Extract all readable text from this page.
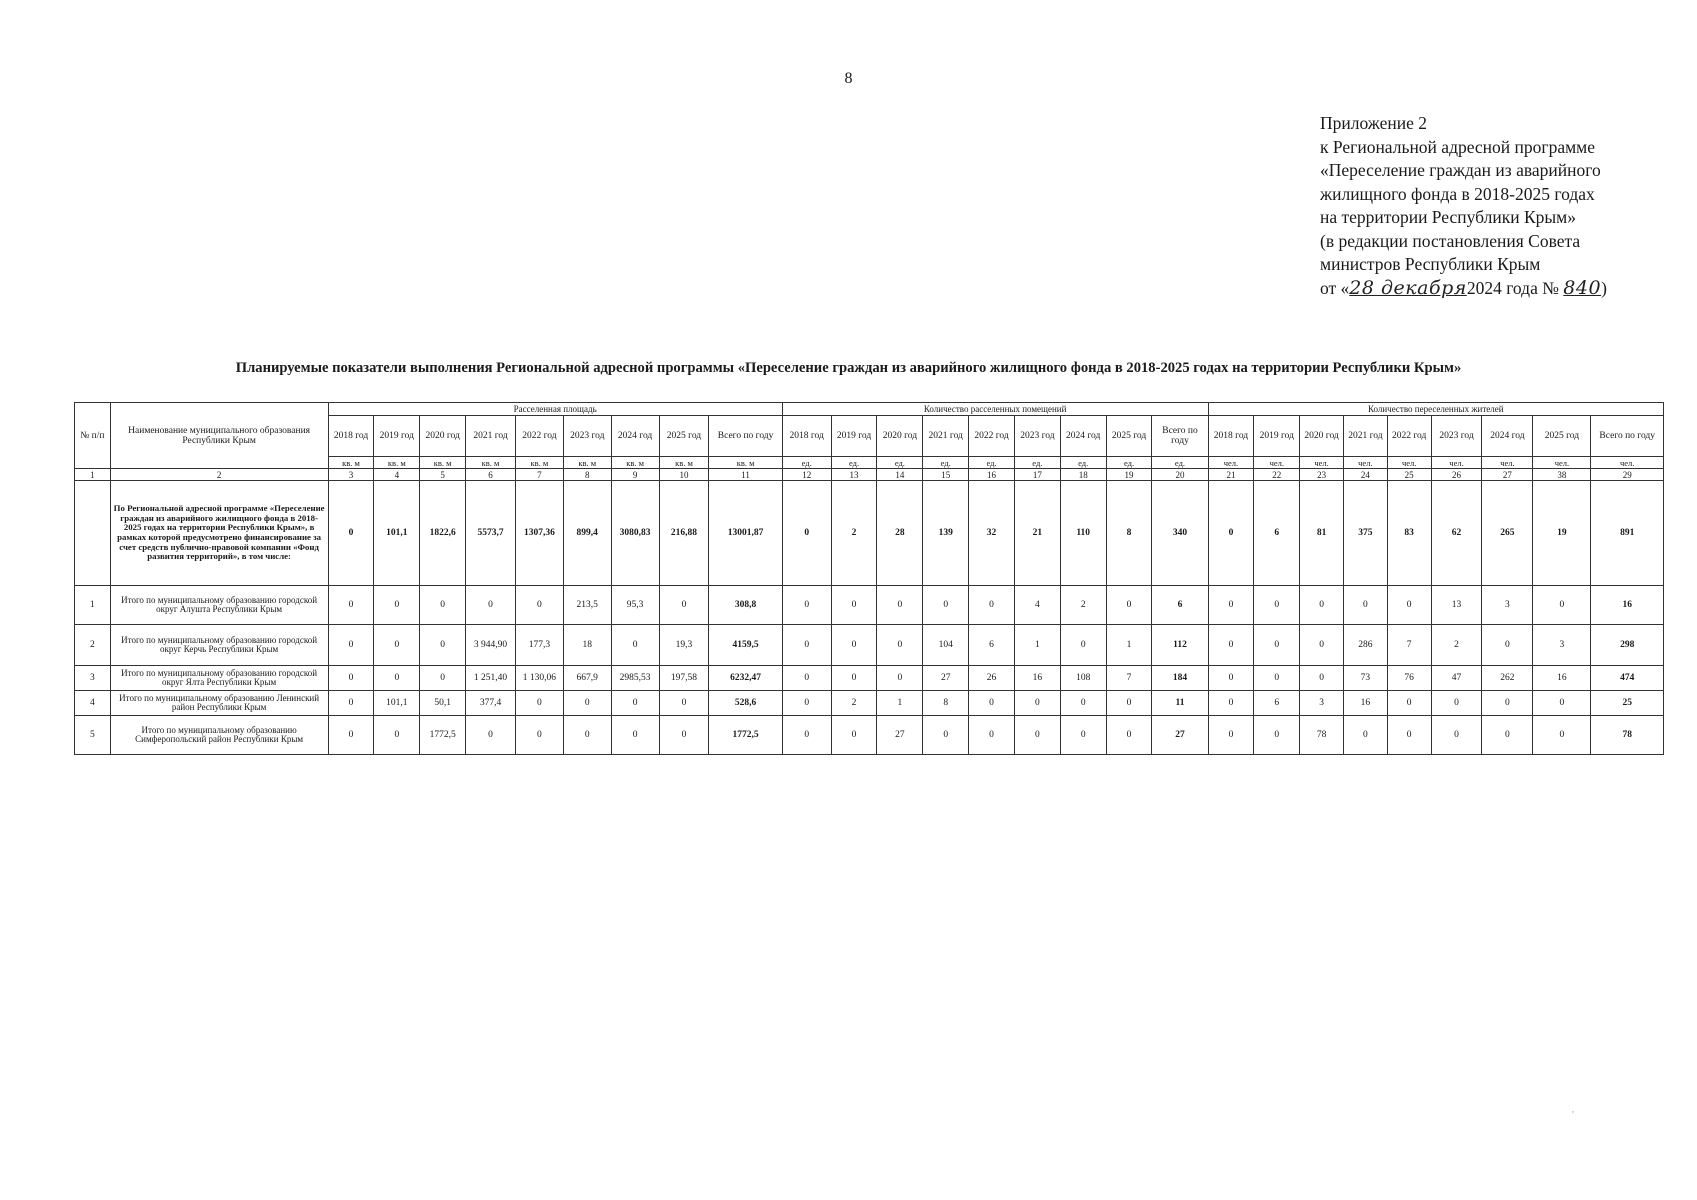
8
Приложение 2
к Региональной адресной программе
«Переселение граждан из аварийного
жилищного фонда в 2018-2025 годах
на территории Республики Крым»
(в редакции постановления Совета
министров Республики Крым
от «28 декабря2024 года № 840)
Планируемые показатели выполнения Региональной адресной программы «Переселение граждан из аварийного жилищного фонда в 2018-2025 годах на территории Республики Крым»
№ п/п	Наименование муниципального образования Республики Крым	Расселенная площадь									Количество расселенных помещений									Количество переселенных жителей								
		2018 год	2019 год	2020 год	2021 год	2022 год	2023 год	2024 год	2025 год	Всего по году	2018 год	2019 год	2020 год	2021 год	2022 год	2023 год	2024 год	2025 год	Всего по году	2018 год	2019 год	2020 год	2021 год	2022 год	2023 год	2024 год	2025 год	Всего по году
		кв. м	кв. м	кв. м	кв. м	кв. м	кв. м	кв. м	кв. м	кв. м	ед.	ед.	ед.	ед.	ед.	ед.	ед.	ед.	ед.	чел.	чел.	чел.	чел.	чел.	чел.	чел.	чел.	чел.
1	2	3	4	5	6	7	8	9	10	11	12	13	14	15	16	17	18	19	20	21	22	23	24	25	26	27	38	29
	По Региональной адресной программе «Переселение граждан из аварийного жилищного фонда в 2018-2025 годах на территории Республики Крым», в рамках которой предусмотрено финансирование за счет средств публично-правовой компании «Фонд развития территорий», в том числе:	0	101,1	1822,6	5573,7	1307,36	899,4	3080,83	216,88	13001,87	0	2	28	139	32	21	110	8	340	0	6	81	375	83	62	265	19	891
1	Итого по муниципальному образованию городской округ Алушта Республики Крым	0	0	0	0	0	213,5	95,3	0	308,8	0	0	0	0	0	4	2	0	6	0	0	0	0	0	13	3	0	16
2	Итого по муниципальному образованию городской округ Керчь Республики Крым	0	0	0	3 944,90	177,3	18	0	19,3	4159,5	0	0	0	104	6	1	0	1	112	0	0	0	286	7	2	0	3	298
3	Итого по муниципальному образованию городской округ Ялта Республики Крым	0	0	0	1 251,40	1 130,06	667,9	2985,53	197,58	6232,47	0	0	0	27	26	16	108	7	184	0	0	0	73	76	47	262	16	474
4	Итого по муниципальному образованию Ленинский район Республики Крым	0	101,1	50,1	377,4	0	0	0	0	528,6	0	2	1	8	0	0	0	0	11	0	6	3	16	0	0	0	0	25
5	Итого по муниципальному образованию Симферопольский район Республики Крым	0	0	1772,5	0	0	0	0	0	1772,5	0	0	27	0	0	0	0	0	27	0	0	78	0	0	0	0	0	78
'
